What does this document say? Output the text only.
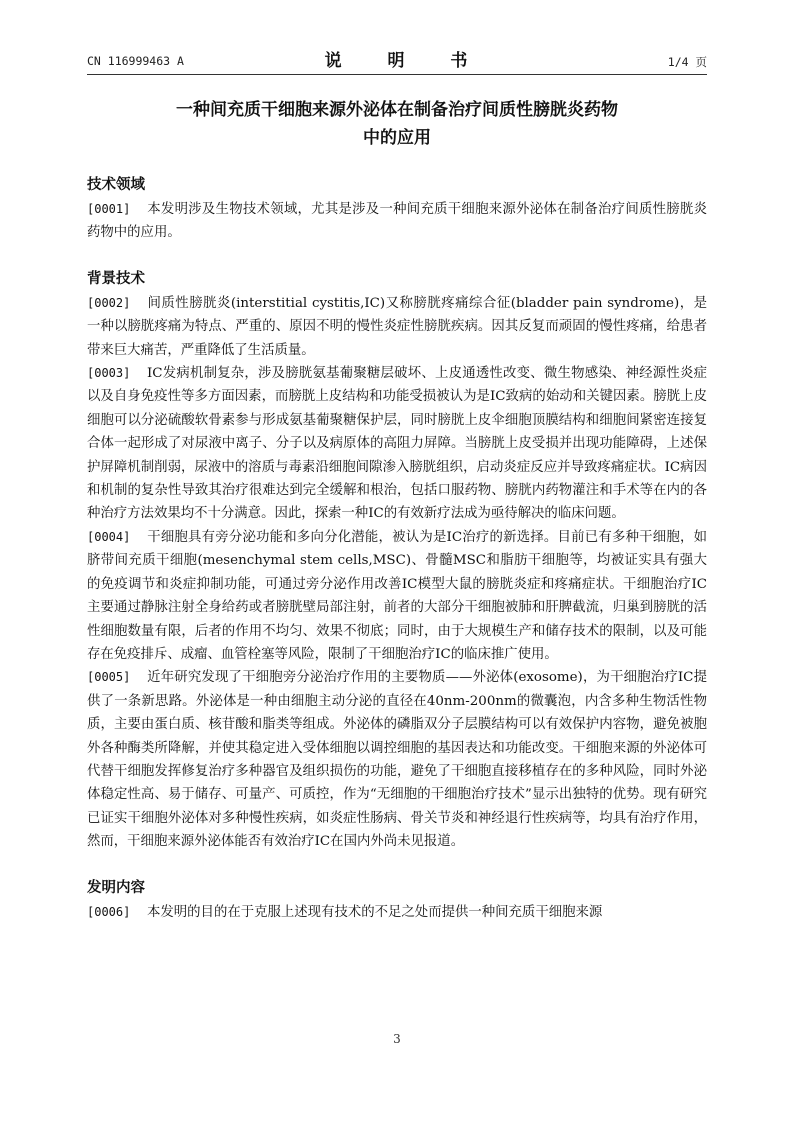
CN 116999463 A	说 明 书	1/4 页
一种间充质干细胞来源外泌体在制备治疗间质性膀胱炎药物
中的应用

技术领域

[0001] 本发明涉及生物技术领域，尤其是涉及一种间充质干细胞来源外泌体在制备治疗间质性膀胱炎药物中的应用。

背景技术

[0002] 间质性膀胱炎(interstitial cystitis,IC)又称膀胱疼痛综合征(bladder pain syndrome)，是一种以膀胱疼痛为特点、严重的、原因不明的慢性炎症性膀胱疾病。因其反复而顽固的慢性疼痛，给患者带来巨大痛苦，严重降低了生活质量。

[0003] IC发病机制复杂，涉及膀胱氨基葡聚糖层破坏、上皮通透性改变、微生物感染、神经源性炎症以及自身免疫性等多方面因素，而膀胱上皮结构和功能受损被认为是IC致病的始动和关键因素。膀胱上皮细胞可以分泌硫酸软骨素参与形成氨基葡聚糖保护层，同时膀胱上皮伞细胞顶膜结构和细胞间紧密连接复合体一起形成了对尿液中离子、分子以及病原体的高阻力屏障。当膀胱上皮受损并出现功能障碍，上述保护屏障机制削弱，尿液中的溶质与毒素沿细胞间隙渗入膀胱组织，启动炎症反应并导致疼痛症状。IC病因和机制的复杂性导致其治疗很难达到完全缓解和根治，包括口服药物、膀胱内药物灌注和手术等在内的各种治疗方法效果均不十分满意。因此，探索一种IC的有效新疗法成为亟待解决的临床问题。

[0004] 干细胞具有旁分泌功能和多向分化潜能，被认为是IC治疗的新选择。目前已有多种干细胞，如脐带间充质干细胞(mesenchymal stem cells,MSC)、骨髓MSC和脂肪干细胞等，均被证实具有强大的免疫调节和炎症抑制功能，可通过旁分泌作用改善IC模型大鼠的膀胱炎症和疼痛症状。干细胞治疗IC主要通过静脉注射全身给药或者膀胱壁局部注射，前者的大部分干细胞被肺和肝脾截流，归巢到膀胱的活性细胞数量有限，后者的作用不均匀、效果不彻底；同时，由于大规模生产和储存技术的限制，以及可能存在免疫排斥、成瘤、血管栓塞等风险，限制了干细胞治疗IC的临床推广使用。

[0005] 近年研究发现了干细胞旁分泌治疗作用的主要物质——外泌体(exosome)，为干细胞治疗IC提供了一条新思路。外泌体是一种由细胞主动分泌的直径在40nm-200nm的微囊泡，内含多种生物活性物质，主要由蛋白质、核苷酸和脂类等组成。外泌体的磷脂双分子层膜结构可以有效保护内容物，避免被胞外各种酶类所降解，并使其稳定进入受体细胞以调控细胞的基因表达和功能改变。干细胞来源的外泌体可代替干细胞发挥修复治疗多种器官及组织损伤的功能，避免了干细胞直接移植存在的多种风险，同时外泌体稳定性高、易于储存、可量产、可质控，作为“无细胞的干细胞治疗技术”显示出独特的优势。现有研究已证实干细胞外泌体对多种慢性疾病，如炎症性肠病、骨关节炎和神经退行性疾病等，均具有治疗作用，然而，干细胞来源外泌体能否有效治疗IC在国内外尚未见报道。

发明内容

[0006] 本发明的目的在于克服上述现有技术的不足之处而提供一种间充质干细胞来源

3
